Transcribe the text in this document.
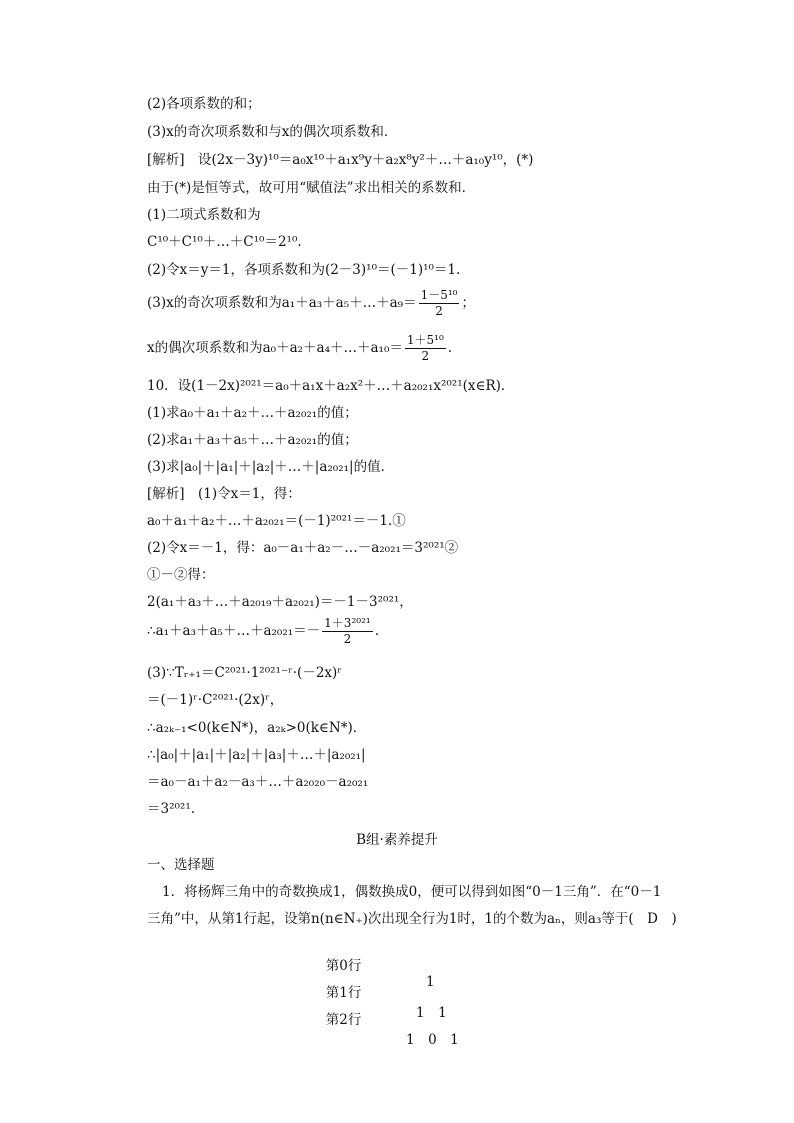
(2)各项系数的和；
(3)x的奇次项系数和与x的偶次项系数和．
[解析]　设(2x－3y)¹⁰＝a₀x¹⁰＋a₁x⁹y＋a₂x⁸y²＋…＋a₁₀y¹⁰，(*)
由于(*)是恒等式，故可用“赋值法”求出相关的系数和．
(1)二项式系数和为
C¹⁰＋C¹⁰＋…＋C¹⁰＝2¹⁰.
(2)令x＝y＝1，各项系数和为(2－3)¹⁰＝(－1)¹⁰＝1.
(3)x的奇次项系数和为a₁＋a₃＋a₅＋…＋a₉＝ $\frac{\text{1－5¹⁰}}{2}$ ；
x的偶次项系数和为a₀＋a₂＋a₄＋…＋a₁₀＝ $\frac{\text{1＋5¹⁰}}{2}$ .
10．设(1－2x)²⁰²¹＝a₀＋a₁x＋a₂x²＋…＋a₂₀₂₁x²⁰²¹(x∈R)．
(1)求a₀＋a₁＋a₂＋…＋a₂₀₂₁的值；
(2)求a₁＋a₃＋a₅＋…＋a₂₀₂₁的值；
(3)求|a₀|＋|a₁|＋|a₂|＋…＋|a₂₀₂₁|的值．
[解析]　(1)令x＝1，得：
a₀＋a₁＋a₂＋…＋a₂₀₂₁＝(－1)²⁰²¹＝－1.①
(2)令x＝－1，得：a₀－a₁＋a₂－…－a₂₀₂₁＝3²⁰²¹②
①－②得：
2(a₁＋a₃＋…＋a₂₀₁₉＋a₂₀₂₁)＝－1－3²⁰²¹，
∴a₁＋a₃＋a₅＋…＋a₂₀₂₁＝－ $\frac{\text{1＋3²⁰²¹}}{2}$ .
(3)∵Tᵣ₊₁＝C²⁰²¹·1²⁰²¹⁻ʳ·(－2x)ʳ
＝(－1)ʳ·C²⁰²¹·(2x)ʳ，
∴a₂ₖ₋₁<0(k∈N*)，a₂ₖ>0(k∈N*)．
∴|a₀|＋|a₁|＋|a₂|＋|a₃|＋…＋|a₂₀₂₁|
＝a₀－a₁＋a₂－a₃＋…＋a₂₀₂₀－a₂₀₂₁
＝3²⁰²¹.
B组·素养提升
一、选择题
1．将杨辉三角中的奇数换成1，偶数换成0，便可以得到如图“0－1三角”．在“0－1
三角”中，从第1行起，设第n(n∈N₊)次出现全行为1时，1的个数为aₙ，则a₃等于(　D　)

第0行

1

第1行

1　1

第2行

1　0　1
